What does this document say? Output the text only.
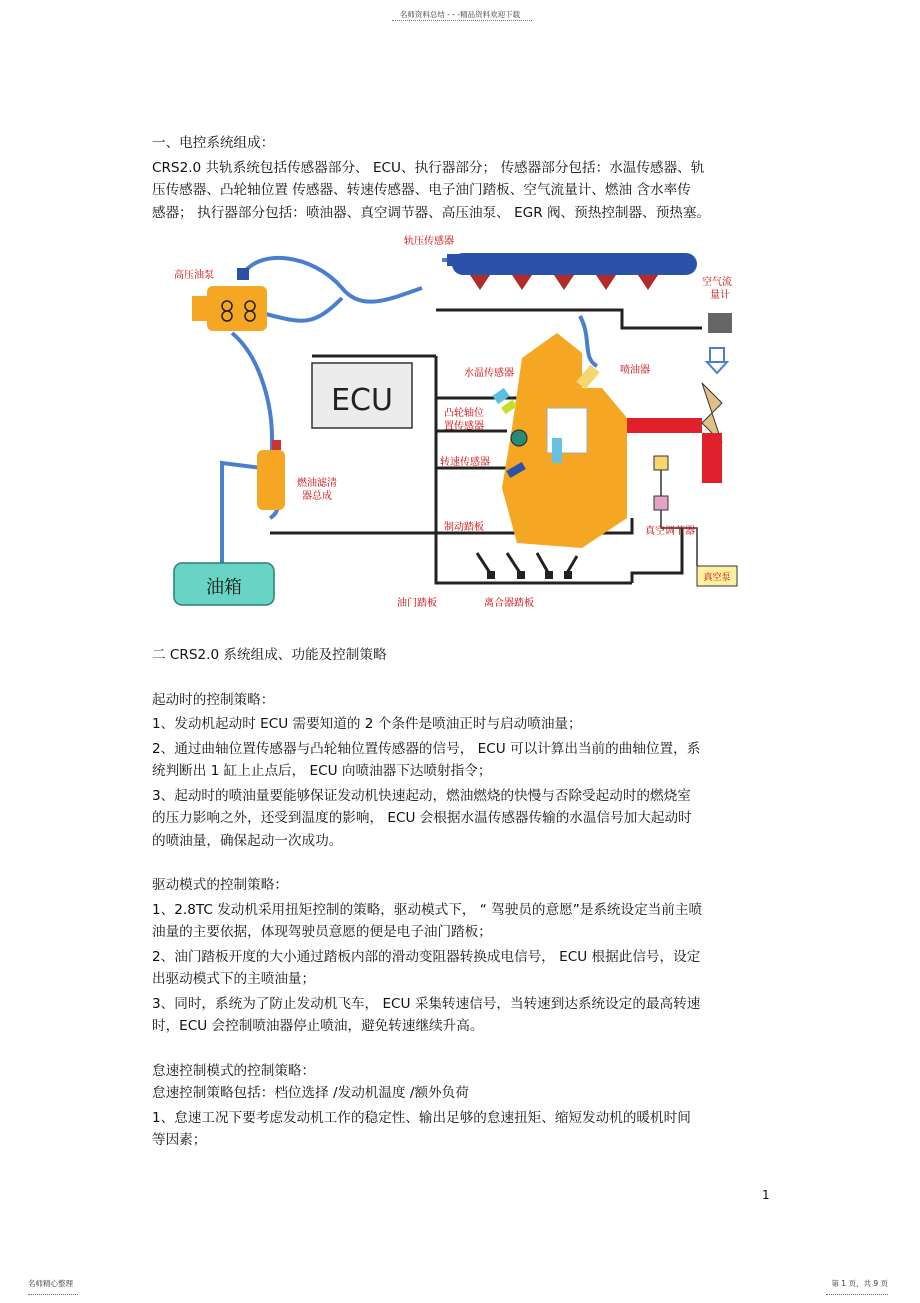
名师资料总结 - - -精品资料欢迎下载

一、电控系统组成：

CRS2.0 共轨系统包括传感器部分、 ECU、执行器部分； 传感器部分包括：水温传感器、轨

压传感器、凸轮轴位置 传感器、转速传感器、电子油门踏板、空气流量计、燃油 含水率传

感器； 执行器部分包括：喷油器、真空调节器、高压油泵、 EGR 阀、预热控制器、预热塞。

ECU
油箱	真空泵
轨压传感器
高压油泵
空气流
量计
水温传感器	喷油器
凸轮轴位
置传感器
转速传感器
燃油滤清
器总成
制动踏板	真空调节器
油门踏板	离合器踏板

二 CRS2.0 系统组成、功能及控制策略

起动时的控制策略：

1、发动机起动时 ECU 需要知道的 2 个条件是喷油正时与启动喷油量；

2、通过曲轴位置传感器与凸轮轴位置传感器的信号， ECU 可以计算出当前的曲轴位置，系

统判断出 1 缸上止点后， ECU 向喷油器下达喷射指令；

3、起动时的喷油量要能够保证发动机快速起动，燃油燃烧的快慢与否除受起动时的燃烧室

的压力影响之外，还受到温度的影响， ECU 会根据水温传感器传输的水温信号加大起动时

的喷油量，确保起动一次成功。

驱动模式的控制策略：

1、2.8TC 发动机采用扭矩控制的策略，驱动模式下， “ 驾驶员的意愿”是系统设定当前主喷

油量的主要依据，体现驾驶员意愿的便是电子油门踏板；

2、油门踏板开度的大小通过踏板内部的滑动变阻器转换成电信号， ECU 根据此信号，设定

出驱动模式下的主喷油量；

3、同时，系统为了防止发动机飞车， ECU 采集转速信号，当转速到达系统设定的最高转速

时，ECU 会控制喷油器停止喷油，避免转速继续升高。

怠速控制模式的控制策略：

怠速控制策略包括：档位选择 /发动机温度 /额外负荷

1、怠速工况下要考虑发动机工作的稳定性、输出足够的怠速扭矩、缩短发动机的暖机时间

等因素；

1
名师精心整理	第 1 页，共 9 页
